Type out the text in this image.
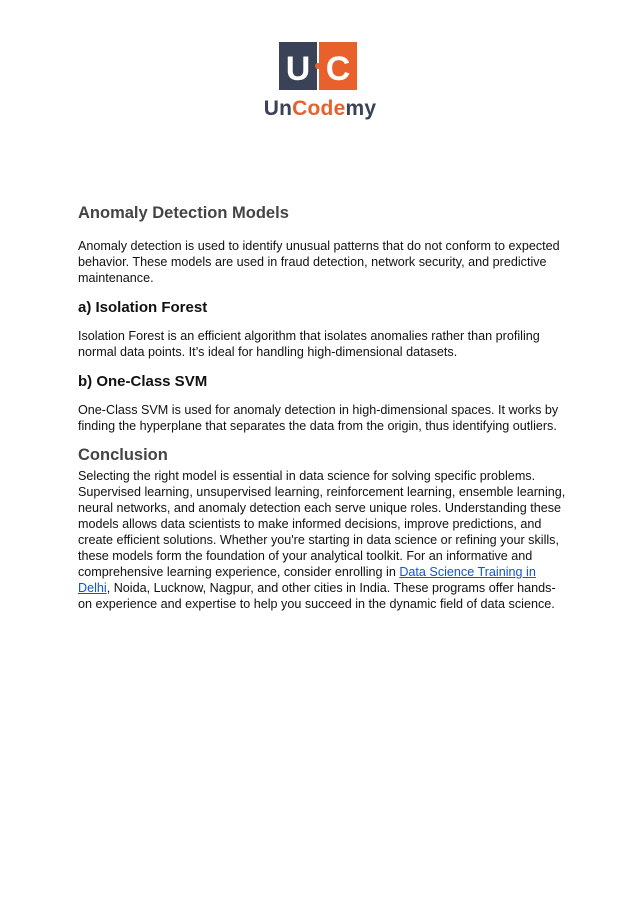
U C
UnCodemy
Anomaly Detection Models

Anomaly detection is used to identify unusual patterns that do not conform to expected behavior. These models are used in fraud detection, network security, and predictive maintenance.

a) Isolation Forest

Isolation Forest is an efficient algorithm that isolates anomalies rather than profiling normal data points. It’s ideal for handling high-dimensional datasets.

b) One-Class SVM

One-Class SVM is used for anomaly detection in high-dimensional spaces. It works by finding the hyperplane that separates the data from the origin, thus identifying outliers.

Conclusion

Selecting the right model is essential in data science for solving specific problems. Supervised learning, unsupervised learning, reinforcement learning, ensemble learning, neural networks, and anomaly detection each serve unique roles. Understanding these models allows data scientists to make informed decisions, improve predictions, and create efficient solutions. Whether you're starting in data science or refining your skills, these models form the foundation of your analytical toolkit. For an informative and comprehensive learning experience, consider enrolling in Data Science Training in Delhi, Noida, Lucknow, Nagpur, and other cities in India. These programs offer hands-on experience and expertise to help you succeed in the dynamic field of data science.
